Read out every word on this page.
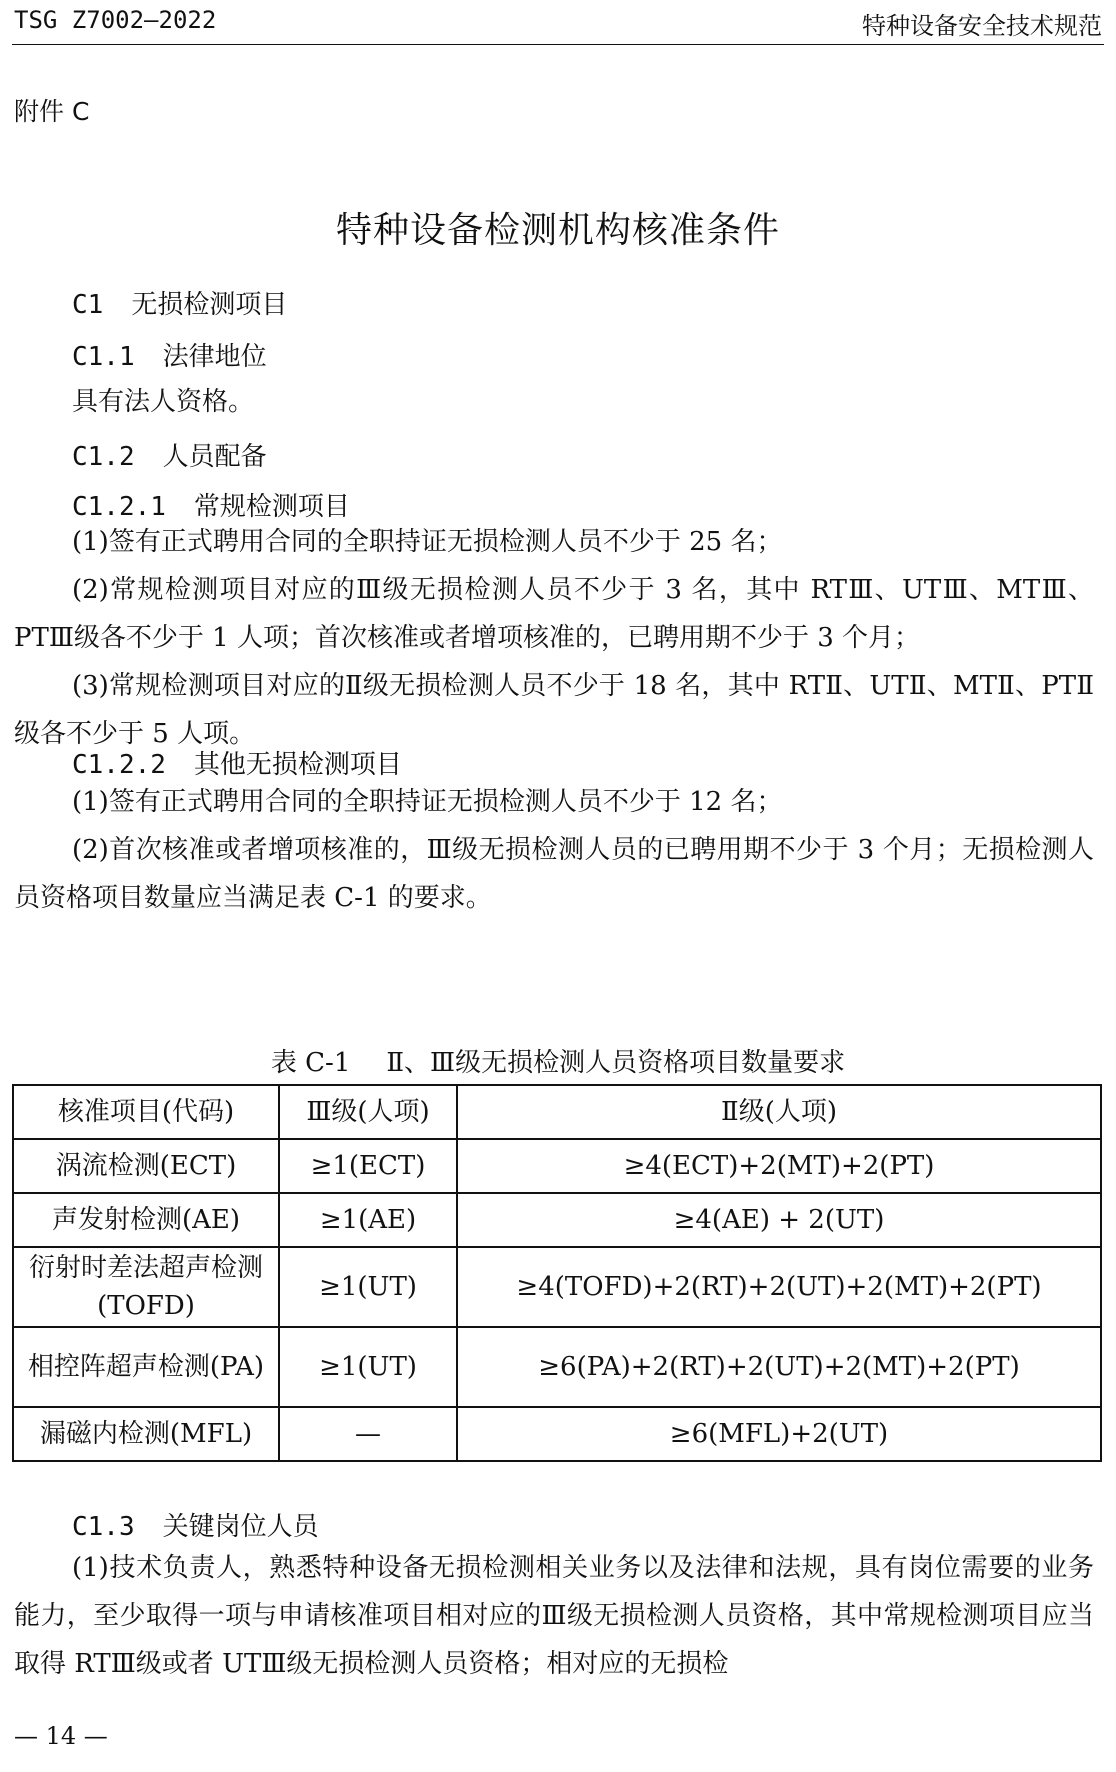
TSG Z7002—2022	特种设备安全技术规范
附件 C
特种设备检测机构核准条件
C1 无损检测项目
C1.1 法律地位
具有法人资格。
C1.2 人员配备
C1.2.1 常规检测项目
(1)签有正式聘用合同的全职持证无损检测人员不少于 25 名；
(2)常规检测项目对应的Ⅲ级无损检测人员不少于 3 名，其中 RTⅢ、UTⅢ、MTⅢ、PTⅢ级各不少于 1 人项；首次核准或者增项核准的，已聘用期不少于 3 个月；
(3)常规检测项目对应的Ⅱ级无损检测人员不少于 18 名，其中 RTⅡ、UTⅡ、MTⅡ、PTⅡ级各不少于 5 人项。
C1.2.2 其他无损检测项目
(1)签有正式聘用合同的全职持证无损检测人员不少于 12 名；
(2)首次核准或者增项核准的，Ⅲ级无损检测人员的已聘用期不少于 3 个月；无损检测人员资格项目数量应当满足表 C-1 的要求。
表 C-1 Ⅱ、Ⅲ级无损检测人员资格项目数量要求
核准项目(代码)	Ⅲ级(人项)	Ⅱ级(人项)
涡流检测(ECT)	≥1(ECT)	≥4(ECT)+2(MT)+2(PT)
声发射检测(AE)	≥1(AE)	≥4(AE) + 2(UT)
衍射时差法超声检测(TOFD)	≥1(UT)	≥4(TOFD)+2(RT)+2(UT)+2(MT)+2(PT)
相控阵超声检测(PA)	≥1(UT)	≥6(PA)+2(RT)+2(UT)+2(MT)+2(PT)
漏磁内检测(MFL)	—	≥6(MFL)+2(UT)
C1.3 关键岗位人员
(1)技术负责人，熟悉特种设备无损检测相关业务以及法律和法规，具有岗位需要的业务能力，至少取得一项与申请核准项目相对应的Ⅲ级无损检测人员资格，其中常规检测项目应当取得 RTⅢ级或者 UTⅢ级无损检测人员资格；相对应的无损检
— 14 —
